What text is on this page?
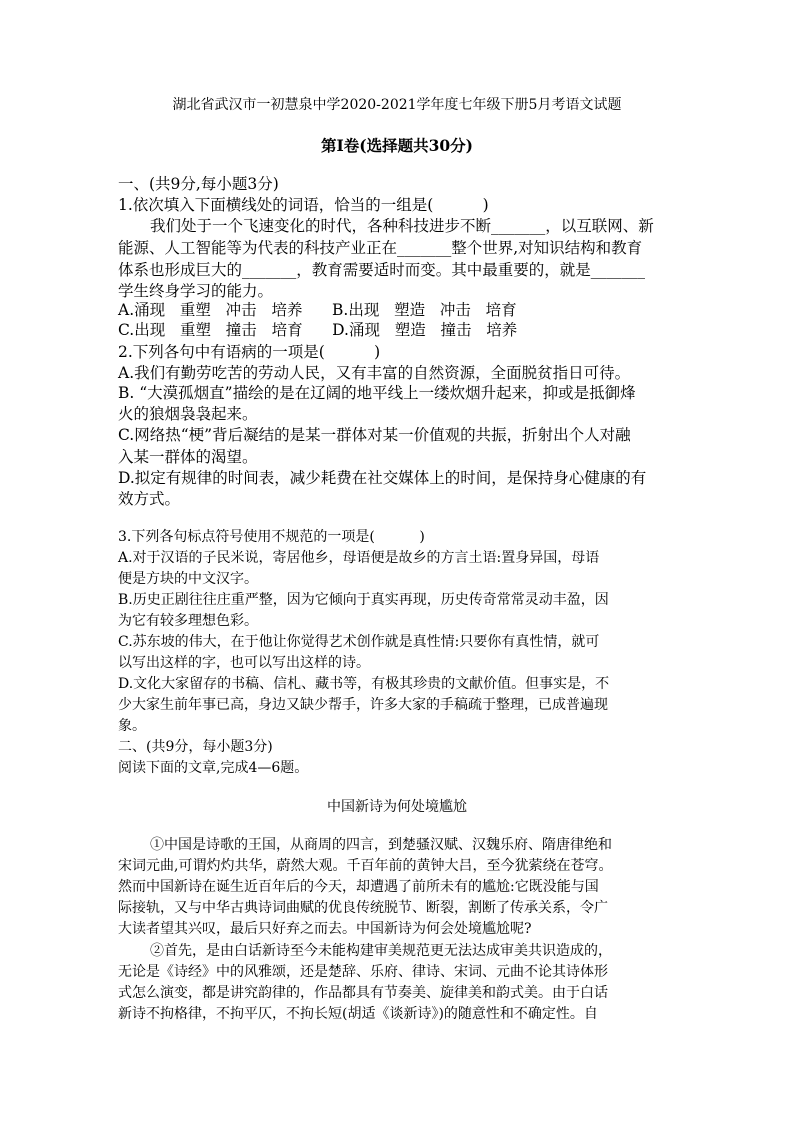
湖北省武汉市一初慧泉中学2020-2021学年度七年级下册5月考语文试题
第Ⅰ卷(选择题共30分)
一、(共9分,每小题3分)
1.依次填入下面横线处的词语，恰当的一组是(          )
我们处于一个飞速变化的时代，各种科技进步不断_______，以互联网、新
能源、人工智能等为代表的科技产业正在_______整个世界,对知识结构和教育
体系也形成巨大的_______，教育需要适时而变。其中最重要的，就是_______
学生终身学习的能力。
A.涌现   重塑   冲击   培养      B.出现   塑造   冲击   培育
C.出现   重塑   撞击   培育      D.涌现   塑造   撞击   培养
2.下列各句中有语病的一项是(          )
A.我们有勤劳吃苦的劳动人民，又有丰富的自然资源，全面脱贫指日可待。
B. “大漠孤烟直”描绘的是在辽阔的地平线上一缕炊烟升起来，抑或是抵御烽
火的狼烟袅袅起来。
C.网络热“梗”背后凝结的是某一群体对某一价值观的共振，折射出个人对融
入某一群体的渴望。
D.拟定有规律的时间表，减少耗费在社交媒体上的时间，是保持身心健康的有
效方式。
3.下列各句标点符号使用不规范的一项是(          )
A.对于汉语的子民米说，寄居他乡，母语便是故乡的方言土语:置身异国，母语
便是方块的中文汉字。
B.历史正剧往往庄重严整，因为它倾向于真实再现，历史传奇常常灵动丰盈，因
为它有较多理想色彩。
C.苏东坡的伟大，在于他让你觉得艺术创作就是真性情:只要你有真性情，就可
以写出这样的字，也可以写出这样的诗。
D.文化大家留存的书稿、信札、藏书等，有极其珍贵的文献价值。但事实是，不
少大家生前年事已高，身边又缺少帮手，许多大家的手稿疏于整理，已成普遍现
象。
二、(共9分，每小题3分)
阅读下面的文章,完成4—6题。
中国新诗为何处境尴尬
①中国是诗歌的王国，从商周的四言，到楚骚汉赋、汉魏乐府、隋唐律绝和
宋词元曲,可谓灼灼共华，蔚然大观。千百年前的黄钟大吕，至今犹萦绕在苍穹。
然而中国新诗在诞生近百年后的今天，却遭遇了前所未有的尴尬:它既没能与国
际接轨，又与中华古典诗词曲赋的优良传统脱节、断裂，割断了传承关系，令广
大读者望其兴叹，最后只好弃之而去。中国新诗为何会处境尴尬呢?
②首先，是由白话新诗至今未能构建审美规范更无法达成审美共识造成的，
无论是《诗经》中的风雅颂，还是楚辞、乐府、律诗、宋词、元曲不论其诗体形
式怎么演变，都是讲究韵律的，作品都具有节奏美、旋律美和韵式美。由于白话
新诗不拘格律，不拘平仄，不拘长短(胡适《谈新诗》)的随意性和不确定性。自
